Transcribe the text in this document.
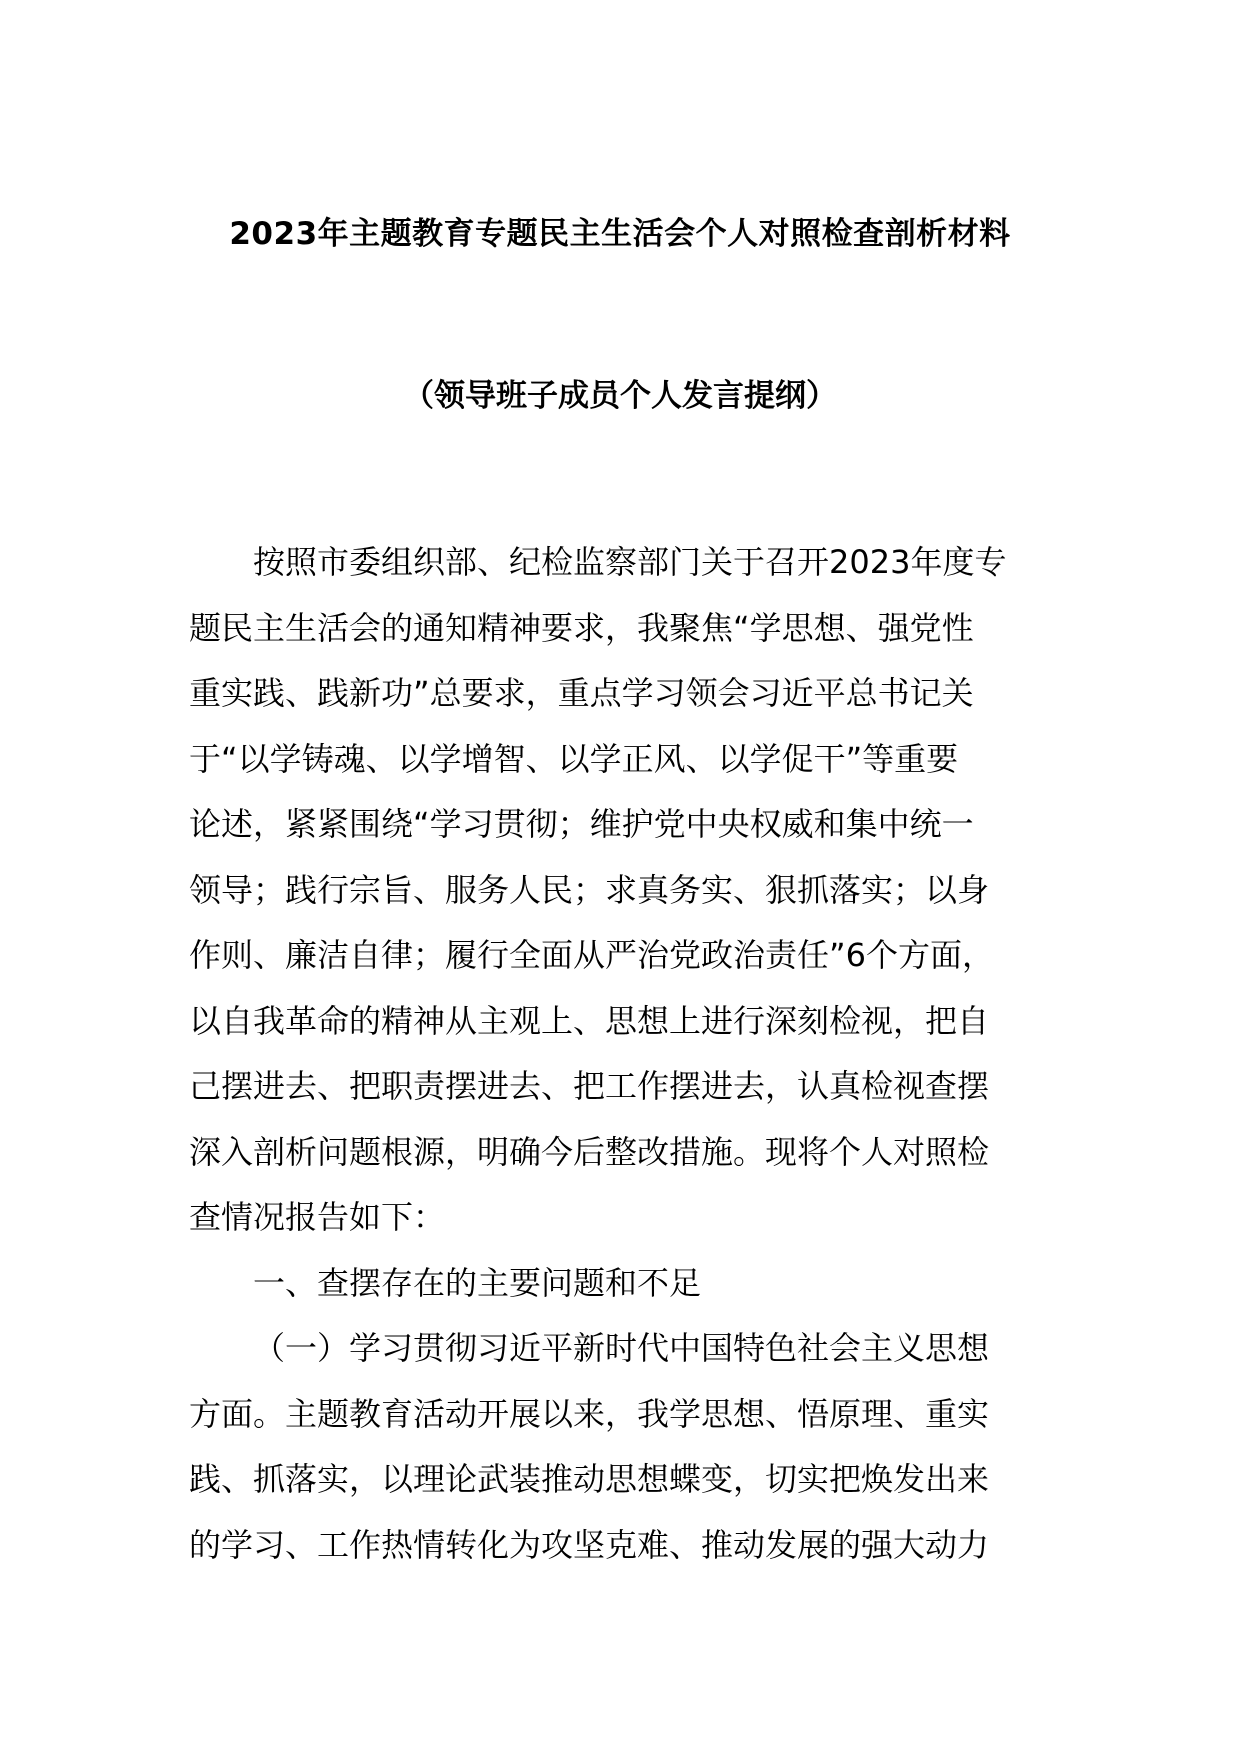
2023年主题教育专题民主生活会个人对照检查剖析材料
（领导班子成员个人发言提纲）
按照市委组织部、纪检监察部门关于召开2023年度专
题民主生活会的通知精神要求，我聚焦“学思想、强党性
重实践、践新功”总要求，重点学习领会习近平总书记关
于“以学铸魂、以学增智、以学正风、以学促干”等重要
论述，紧紧围绕“学习贯彻；维护党中央权威和集中统一
领导；践行宗旨、服务人民；求真务实、狠抓落实；以身
作则、廉洁自律；履行全面从严治党政治责任”6个方面，
以自我革命的精神从主观上、思想上进行深刻检视，把自
己摆进去、把职责摆进去、把工作摆进去，认真检视查摆
深入剖析问题根源，明确今后整改措施。现将个人对照检
查情况报告如下：
一、查摆存在的主要问题和不足
（一）学习贯彻习近平新时代中国特色社会主义思想
方面。主题教育活动开展以来，我学思想、悟原理、重实
践、抓落实，以理论武装推动思想蝶变，切实把焕发出来
的学习、工作热情转化为攻坚克难、推动发展的强大动力
